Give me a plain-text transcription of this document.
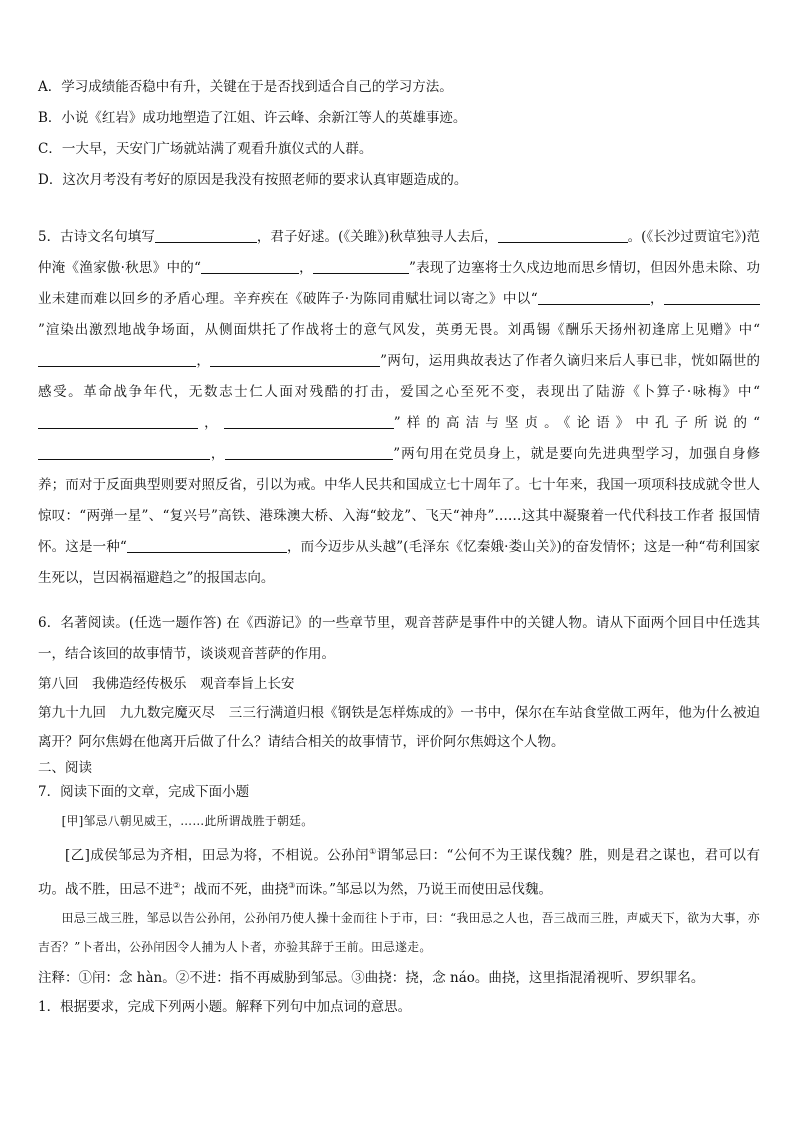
A．学习成绩能否稳中有升，关键在于是否找到适合自己的学习方法。
B．小说《红岩》成功地塑造了江姐、许云峰、余新江等人的英雄事迹。
C．一大早，天安门广场就站满了观看升旗仪式的人群。
D．这次月考没有考好的原因是我没有按照老师的要求认真审题造成的。

5．古诗文名句填写	，君子好逑。(《关雎》)秋草独寻人去后，	。(《长沙过贾谊宅》)范仲淹《渔家傲·秋思》中的“	，	”表现了边塞将士久戍边地而思乡情切，但因外患未除、功业未建而难以回乡的矛盾心理。辛弃疾在《破阵子·为陈同甫赋壮词以寄之》中以“	，”渲染出激烈地战争场面，从侧面烘托了作战将士的意气风发，英勇无畏。刘禹锡《酬乐天扬州初逢席上见赠》中“，	”两句，运用典故表达了作者久谪归来后人事已非，恍如隔世的感受。革命战争年代，无数志士仁人面对残酷的打击，爱国之心至死不变，表现出了陆游《卜算子·咏梅》中“，	”样的高洁与坚贞。《论语》中孔子所说的“，	”两句用在党员身上，就是要向先进典型学习，加强自身修养；而对于反面典型则要对照反省，引以为戒。中华人民共和国成立七十周年了。七十年来，我国一项项科技成就令世人惊叹：“两弹一星”、“复兴号”高铁、港珠澳大桥、入海“蛟龙”、飞天“神舟”……这其中凝聚着一代代科技工作者 报国情怀。这是一种“	，而今迈步从头越”(毛泽东《忆秦娥·娄山关》)的奋发情怀；这是一种“苟利国家生死以，岂因祸福避趋之”的报国志向。

6．名著阅读。(任选一题作答) 在《西游记》的一些章节里，观音菩萨是事件中的关键人物。请从下面两个回目中任选其一，结合该回的故事情节，谈谈观音菩萨的作用。

第八回　我佛造经传极乐　观音奉旨上长安

第九十九回　九九数完魔灭尽　三三行满道归根《钢铁是怎样炼成的》一书中，保尔在车站食堂做工两年，他为什么被迫离开？阿尔焦姆在他离开后做了什么？请结合相关的故事情节，评价阿尔焦姆这个人物。

二、阅读

7．阅读下面的文章，完成下面小题

[甲]邹忌八朝见威王，……此所谓战胜于朝廷。

[乙]成侯邹忌为齐相，田忌为将，不相说。公孙闬①谓邹忌曰：“公何不为王谋伐魏？胜，则是君之谋也，君可以有功。战不胜，田忌不进②；战而不死，曲挠③而诛。”邹忌以为然，乃说王而使田忌伐魏。

田忌三战三胜，邹忌以告公孙闬，公孙闬乃使人操十金而往卜于市，曰：“我田忌之人也，吾三战而三胜，声威天下，欲为大事，亦吉否？”卜者出，公孙闬因令人捕为人卜者，亦验其辞于王前。田忌遂走。

注释：①闬：念 hàn。②不进：指不再威胁到邹忌。③曲挠：挠，念 náo。曲挠，这里指混淆视听、罗织罪名。

1．根据要求，完成下列两小题。解释下列句中加点词的意思。
